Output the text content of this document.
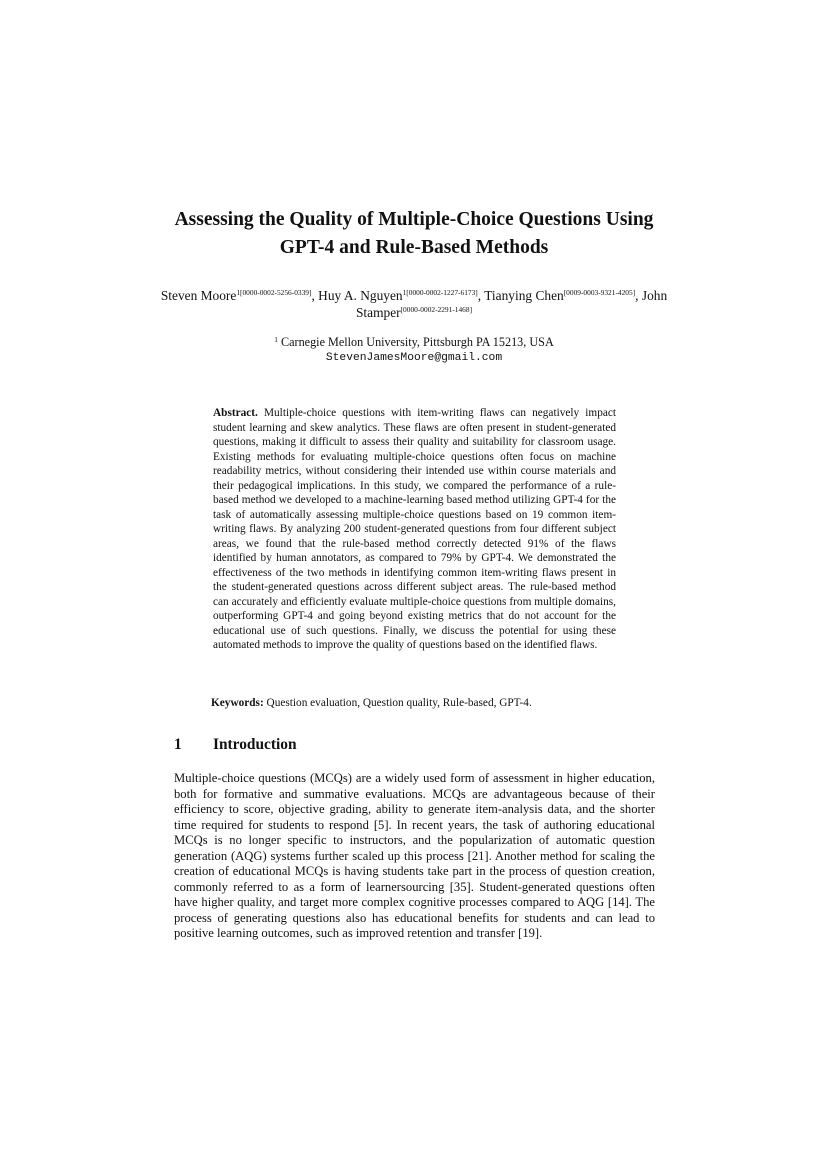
Assessing the Quality of Multiple-Choice Questions Using
GPT-4 and Rule-Based Methods
Steven Moore$^{1[0000-0002-5256-0339]}$, Huy A. Nguyen$^{1[0000-0002-1227-6173]}$, Tianying Chen[0009-0003-9321-4205], John Stamper[0000-0002-2291-1468]
$^1$ Carnegie Mellon University, Pittsburgh PA 15213, USA
StevenJamesMoore@gmail.com
Abstract. Multiple-choice questions with item-writing flaws can negatively impact student learning and skew analytics. These flaws are often present in student-generated questions, making it difficult to assess their quality and suitability for classroom usage. Existing methods for evaluating multiple-choice questions often focus on machine readability metrics, without considering their intended use within course materials and their pedagogical implications. In this study, we compared the performance of a rule-based method we developed to a machine-learning based method utilizing GPT-4 for the task of automatically assessing multiple-choice questions based on 19 common item-writing flaws. By analyzing 200 student-generated questions from four different subject areas, we found that the rule-based method correctly detected 91% of the flaws identified by human annotators, as compared to 79% by GPT-4. We demonstrated the effectiveness of the two methods in identifying common item-writing flaws present in the student-generated questions across different subject areas. The rule-based method can accurately and efficiently evaluate multiple-choice questions from multiple domains, outperforming GPT-4 and going beyond existing metrics that do not account for the educational use of such questions. Finally, we discuss the potential for using these automated methods to improve the quality of questions based on the identified flaws.
Keywords: Question evaluation, Question quality, Rule-based, GPT-4.
1 Introduction
Multiple-choice questions (MCQs) are a widely used form of assessment in higher education, both for formative and summative evaluations. MCQs are advantageous because of their efficiency to score, objective grading, ability to generate item-analysis data, and the shorter time required for students to respond [5]. In recent years, the task of authoring educational MCQs is no longer specific to instructors, and the popularization of automatic question generation (AQG) systems further scaled up this process [21]. Another method for scaling the creation of educational MCQs is having students take part in the process of question creation, commonly referred to as a form of learnersourcing [35]. Student-generated questions often have higher quality, and target more complex cognitive processes compared to AQG [14]. The process of generating questions also has educational benefits for students and can lead to positive learning outcomes, such as improved retention and transfer [19].
